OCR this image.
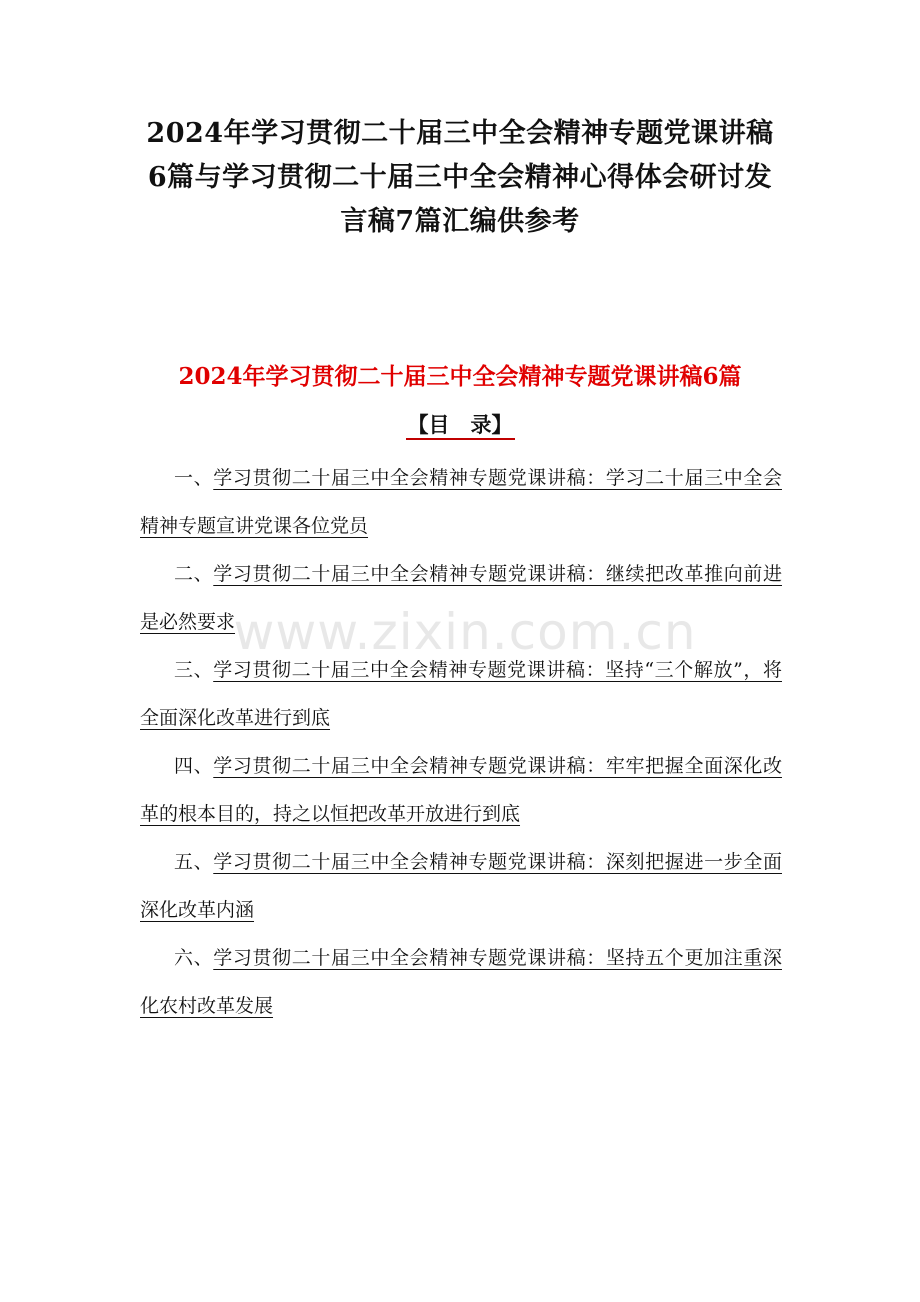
2024年学习贯彻二十届三中全会精神专题党课讲稿
6篇与学习贯彻二十届三中全会精神心得体会研讨发
言稿7篇汇编供参考
2024年学习贯彻二十届三中全会精神专题党课讲稿6篇
【目　录】

一、学习贯彻二十届三中全会精神专题党课讲稿：学习二十届三中全会精神专题宣讲党课各位党员

二、学习贯彻二十届三中全会精神专题党课讲稿：继续把改革推向前进是必然要求

三、学习贯彻二十届三中全会精神专题党课讲稿：坚持“三个解放”，将全面深化改革进行到底

四、学习贯彻二十届三中全会精神专题党课讲稿：牢牢把握全面深化改革的根本目的，持之以恒把改革开放进行到底

五、学习贯彻二十届三中全会精神专题党课讲稿：深刻把握进一步全面深化改革内涵

六、学习贯彻二十届三中全会精神专题党课讲稿：坚持五个更加注重深化农村改革发展

www.zixin.com.cn
